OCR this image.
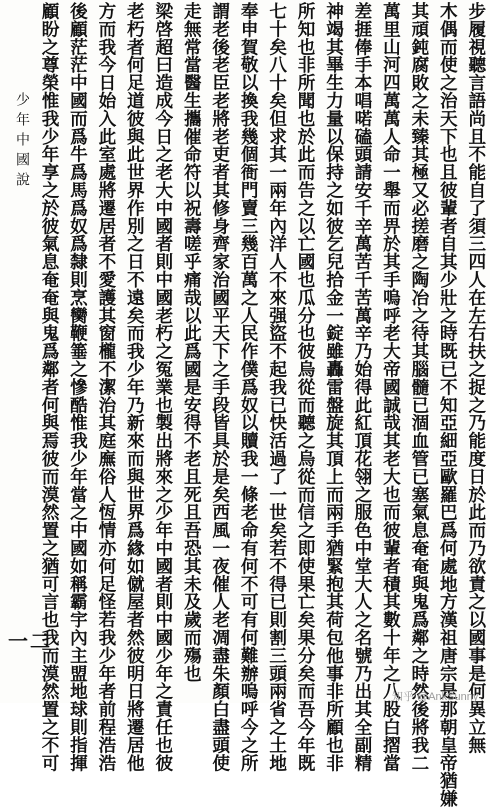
步履視聽言語尚且不能自了須三四人在左右扶之捉之乃能度日於此而乃欲責之以國事是何異立無
木偶而使之治天下也且彼輩者自其少壯之時既已不知亞細亞歐羅巴爲何處地方漢祖唐宗是那朝皇帝猶嫌
其頑鈍腐敗之未臻其極又必搓磨之陶冶之待其腦髓已涸血管已塞氣息奄奄與鬼爲鄰之時然後將我二
萬里山河四萬萬人命一舉而畀於其手嗚呼老大帝國誠哉其老大也而彼輩者積其數十年之八股白摺當
差捱俸手本唱喏磕頭請安千辛萬苦千苦萬辛乃始得此紅頂花翎之服色中堂大人之名號乃出其全副精
神竭其畢生力量以保持之如彼乞兒拾金一錠雖轟雷盤旋其頂上而兩手猶緊抱其荷包他事非所顧也非
所知也非所聞也於此而告之以亡國也瓜分也彼烏從而聽之烏從而信之即使果亡矣果分矣而吾今年既
七十矣八十矣但求其一兩年內洋人不來强盜不起我已快活過了一世矣若不得已則割三頭兩省之土地
奉申賀敬以換我幾個衙門賣三幾百萬之人民作僕爲奴以贖我一條老命有何不可有何難辦嗚呼今之所
謂老後老臣老將老吏者其修身齊家治國平天下之手段皆具於是矣西風一夜催人老凋盡朱顏白盡頭使
走無常當醫生攜催命符以祝壽嗟乎痛哉以此爲國是安得不老且死且吾恐其未及歲而殤也
梁啓超曰造成今日之老大中國者則中國老朽之冤業也製出將來之少年中國者則中國少年之責任也彼
老朽者何足道彼與此世界作別之日不遠矣而我少年乃新來而與世界爲緣如僦屋者然彼明日將遷居他
方而我今日始入此室處將遷居者不愛護其窗櫳不潔治其庭廡俗人恆情亦何足怪若我少年者前程浩浩
後顧茫茫中國而爲牛爲馬爲奴爲隸則烹臠鞭箠之慘酷惟我少年當之中國如稱霸宇內主盟地球則指揮
顧盼之尊榮惟我少年享之於彼氣息奄奄與鬼爲鄰者何與焉彼而漠然置之猶可言也我而漠然置之不可
少年中國說
一二
知乎 @AnkSunny
